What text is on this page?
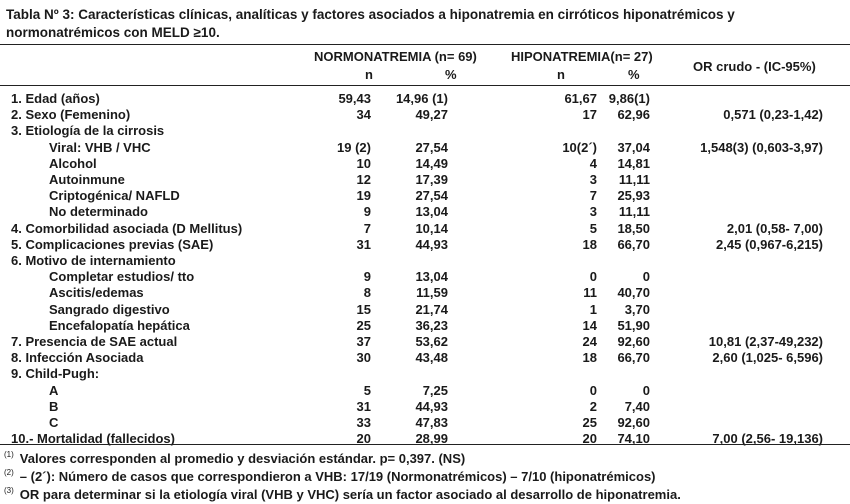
Tabla Nº 3: Características clínicas, analíticas y factores asociados a hiponatremia en cirróticos hiponatrémicos y normonatrémicos con MELD ≥10.
NORMONATREMIA (n= 69)	HIPONATREMIA(n= 27)
OR crudo - (IC-95%)
n	%	n	%
1. Edad (años)	59,43 14,96 (1)	61,67 9,86(1)
2. Sexo (Femenino)	34	49,27	17 62,96	0,571 (0,23-1,42)
3. Etiología de la cirrosis
Viral: VHB / VHC	19 (2)	27,54	10(2´) 37,04	1,548(3) (0,603-3,97)
Alcohol	10	14,49	4 14,81
Autoinmune	12	17,39	3 11,11
Criptogénica/ NAFLD	19	27,54	7 25,93
No determinado	9	13,04	3 11,11
4. Comorbilidad asociada (D Mellitus)	7	10,14	5 18,50	2,01 (0,58- 7,00)
5. Complicaciones previas (SAE)	31	44,93	18 66,70	2,45 (0,967-6,215)
6. Motivo de internamiento
Completar estudios/ tto	9	13,04	0	0
Ascitis/edemas	8	11,59	11 40,70
Sangrado digestivo	15	21,74	1 3,70
Encefalopatía hepática	25	36,23	14 51,90
7. Presencia de SAE actual	37	53,62	24 92,60	10,81 (2,37-49,232)
8. Infección Asociada	30	43,48	18 66,70	2,60 (1,025- 6,596)
9. Child-Pugh:
A	5	7,25	0	0
B	31	44,93	2 7,40
C	33	47,83	25 92,60
10.- Mortalidad (fallecidos)	20	28,99	20 74,10	7,00 (2,56- 19,136)
$^{(1)}$ Valores corresponden al promedio y desviación estándar. p= 0,397. (NS)
$^{(2)}$ – (2´): Número de casos que correspondieron a VHB: 17/19 (Normonatrémicos) – 7/10 (hiponatrémicos)
$^{(3)}$ OR para determinar si la etiología viral (VHB y VHC) sería un factor asociado al desarrollo de hiponatremia.
